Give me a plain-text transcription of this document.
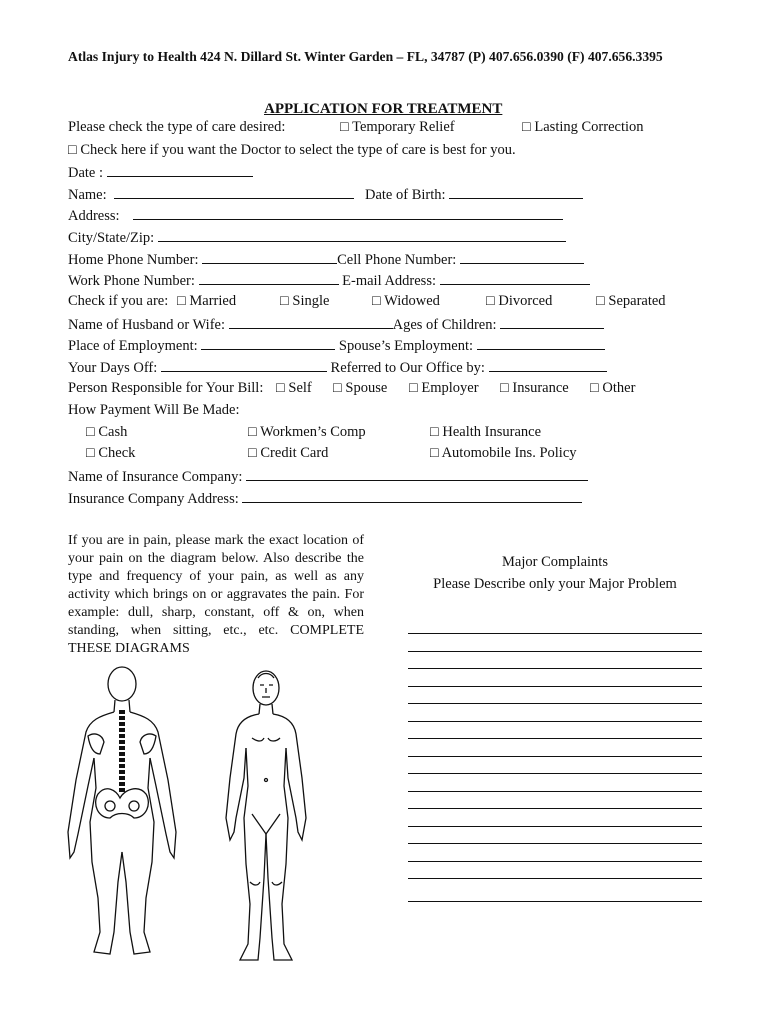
Atlas Injury to Health 424 N. Dillard St. Winter Garden – FL, 34787 (P) 407.656.0390 (F) 407.656.3395
APPLICATION FOR TREATMENT
Please check the type of care desired:	□ Temporary Relief	□ Lasting Correction
□ Check here if you want the Doctor to select the type of care is best for you.
Date :
Name:	Date of Birth:
Address:
City/State/Zip:
Home Phone Number:	Cell Phone Number:
Work Phone Number:	E-mail Address:
Check if you are: □ Married	□ Single	□ Widowed	□ Divorced	□ Separated
Name of Husband or Wife:	Ages of Children:
Place of Employment:	Spouse’s Employment:
Your Days Off:	Referred to Our Office by:
Person Responsible for Your Bill: □ Self □ Spouse □ Employer □ Insurance □ Other
How Payment Will Be Made:
□ Cash	□ Workmen’s Comp	□ Health Insurance
□ Check	□ Credit Card	□ Automobile Ins. Policy
Name of Insurance Company:
Insurance Company Address:
If you are in pain, please mark the exact location of your pain on the diagram below. Also describe the type and frequency of your pain, as well as any activity which brings on or aggravates the pain. For example: dull, sharp, constant, off & on, when standing, when sitting, etc., etc. COMPLETE THESE DIAGRAMS
Major Complaints
Please Describe only your Major Problem
